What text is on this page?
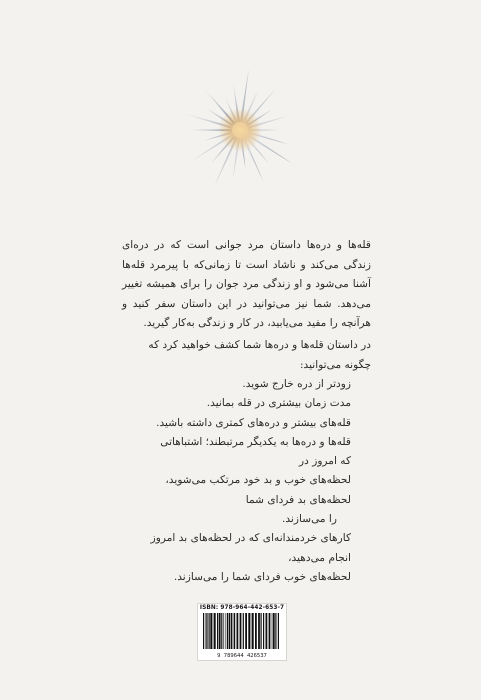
قله‌ها و دره‌ها داستان مرد جوانی است که در دره‌ای زندگی می‌کند و ناشاد است تا زمانی‌که با پیرمرد قله‌ها آشنا می‌شود و او زندگی مرد جوان را برای همیشه تغییر می‌دهد. شما نیز می‌توانید در این داستان سفر کنید و هرآنچه را مفید می‌یابید، در کار و زندگی به‌کار گیرید.
در داستان قله‌ها و دره‌ها شما کشف خواهید کرد که چگونه می‌توانید:

زودتر از دره خارج شوید.

مدت زمان بیشتری در قله بمانید.

قله‌های بیشتر و دره‌های کمتری داشته باشید.

قله‌ها و دره‌ها به یکدیگر مرتبطند؛ اشتباهاتی که امروز در

لحظه‌های خوب و بد خود مرتکب می‌شوید، لحظه‌های بد فردای شما

را می‌سازند.

کارهای خردمندانه‌ای که در لحظه‌های بد امروز انجام می‌دهید،

لحظه‌های خوب فردای شما را می‌سازند.

ISBN: 978-964-442-653-7
9 789644 426537
